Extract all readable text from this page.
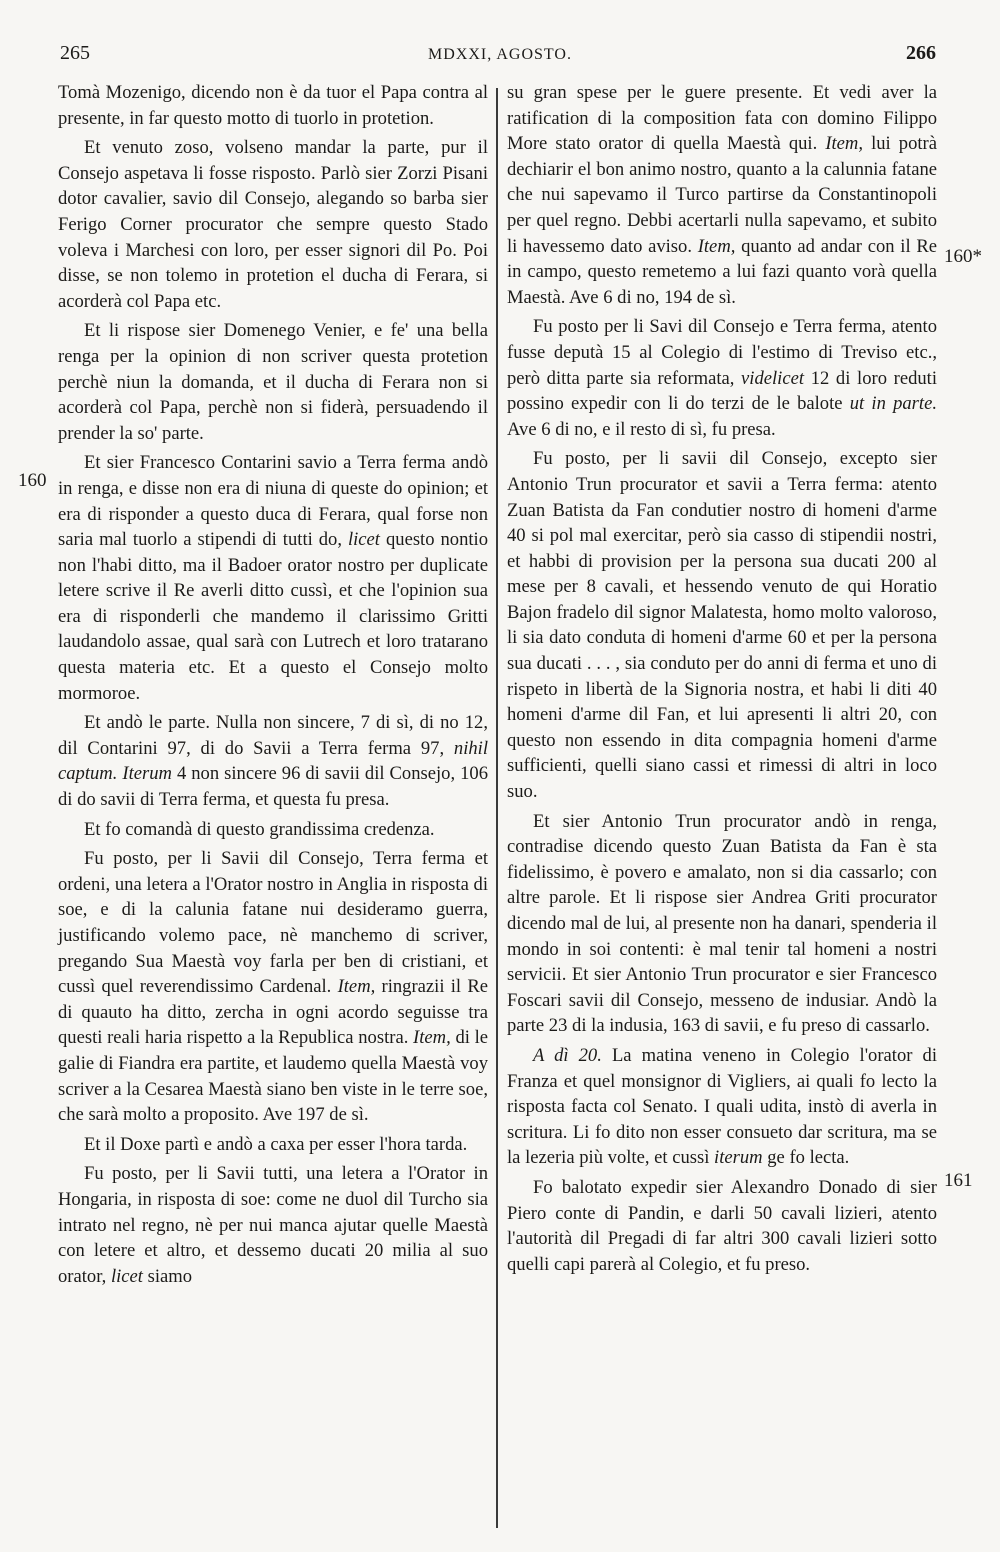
265	MDXXI, AGOSTO.	266
160
160*
161

Tomà Mozenigo, dicendo non è da tuor el Papa contra al presente, in far questo motto di tuorlo in protetion.

Et venuto zoso, volseno mandar la parte, pur il Consejo aspetava li fosse risposto. Parlò sier Zorzi Pisani dotor cavalier, savio dil Consejo, alegando so barba sier Ferigo Corner procurator che sempre questo Stado voleva i Marchesi con loro, per esser signori dil Po. Poi disse, se non tolemo in protetion el ducha di Ferara, si acorderà col Papa etc.

Et li rispose sier Domenego Venier, e fe' una bella renga per la opinion di non scriver questa protetion perchè niun la domanda, et il ducha di Ferara non si acorderà col Papa, perchè non si fiderà, persuadendo il prender la so' parte.

Et sier Francesco Contarini savio a Terra ferma andò in renga, e disse non era di niuna di queste do opinion; et era di risponder a questo duca di Ferara, qual forse non saria mal tuorlo a stipendi di tutti do, licet questo nontio non l'habi ditto, ma il Badoer orator nostro per duplicate letere scrive il Re averli ditto cussì, et che l'opinion sua era di risponderli che mandemo il clarissimo Gritti laudandolo assae, qual sarà con Lutrech et loro tratarano questa materia etc. Et a questo el Consejo molto mormoroe.

Et andò le parte. Nulla non sincere, 7 di sì, di no 12, dil Contarini 97, di do Savii a Terra ferma 97, nihil captum. Iterum 4 non sincere 96 di savii dil Consejo, 106 di do savii di Terra ferma, et questa fu presa.

Et fo comandà di questo grandissima credenza.

Fu posto, per li Savii dil Consejo, Terra ferma et ordeni, una letera a l'Orator nostro in Anglia in risposta di soe, e di la calunia fatane nui desideramo guerra, justificando volemo pace, nè manchemo di scriver, pregando Sua Maestà voy farla per ben di cristiani, et cussì quel reverendissimo Cardenal. Item, ringrazii il Re di quauto ha ditto, zercha in ogni acordo seguisse tra questi reali haria rispetto a la Republica nostra. Item, di le galie di Fiandra era partite, et laudemo quella Maestà voy scriver a la Cesarea Maestà siano ben viste in le terre soe, che sarà molto a proposito. Ave 197 de sì.

Et il Doxe partì e andò a caxa per esser l'hora tarda.

Fu posto, per li Savii tutti, una letera a l'Orator in Hongaria, in risposta di soe: come ne duol dil Turcho sia intrato nel regno, nè per nui manca ajutar quelle Maestà con letere et altro, et dessemo ducati 20 milia al suo orator, licet siamo

su gran spese per le guere presente. Et vedi aver la ratification di la composition fata con domino Filippo More stato orator di quella Maestà qui. Item, lui potrà dechiarir el bon animo nostro, quanto a la calunnia fatane che nui sapevamo il Turco partirse da Constantinopoli per quel regno. Debbi acertarli nulla sapevamo, et subito li havessemo dato aviso. Item, quanto ad andar con il Re in campo, questo remetemo a lui fazi quanto vorà quella Maestà. Ave 6 di no, 194 de sì.

Fu posto per li Savi dil Consejo e Terra ferma, atento fusse deputà 15 al Colegio di l'estimo di Treviso etc., però ditta parte sia reformata, videlicet 12 di loro reduti possino expedir con li do terzi de le balote ut in parte. Ave 6 di no, e il resto di sì, fu presa.

Fu posto, per li savii dil Consejo, excepto sier Antonio Trun procurator et savii a Terra ferma: atento Zuan Batista da Fan condutier nostro di homeni d'arme 40 si pol mal exercitar, però sia casso di stipendii nostri, et habbi di provision per la persona sua ducati 200 al mese per 8 cavali, et hessendo venuto de qui Horatio Bajon fradelo dil signor Malatesta, homo molto valoroso, li sia dato conduta di homeni d'arme 60 et per la persona sua ducati . . . , sia conduto per do anni di ferma et uno di rispeto in libertà de la Signoria nostra, et habi li diti 40 homeni d'arme dil Fan, et lui apresenti li altri 20, con questo non essendo in dita compagnia homeni d'arme sufficienti, quelli siano cassi et rimessi di altri in loco suo.

Et sier Antonio Trun procurator andò in renga, contradise dicendo questo Zuan Batista da Fan è sta fidelissimo, è povero e amalato, non si dia cassarlo; con altre parole. Et li rispose sier Andrea Griti procurator dicendo mal de lui, al presente non ha danari, spenderia il mondo in soi contenti: è mal tenir tal homeni a nostri servicii. Et sier Antonio Trun procurator e sier Francesco Foscari savii dil Consejo, messeno de indusiar. Andò la parte 23 di la indusia, 163 di savii, e fu preso di cassarlo.

A dì 20. La matina veneno in Colegio l'orator di Franza et quel monsignor di Vigliers, ai quali fo lecto la risposta facta col Senato. I quali udita, instò di averla in scritura. Li fo dito non esser consueto dar scritura, ma se la lezeria più volte, et cussì iterum ge fo lecta.

Fo balotato expedir sier Alexandro Donado di sier Piero conte di Pandin, e darli 50 cavali lizieri, atento l'autorità dil Pregadi di far altri 300 cavali lizieri sotto quelli capi parerà al Colegio, et fu preso.
